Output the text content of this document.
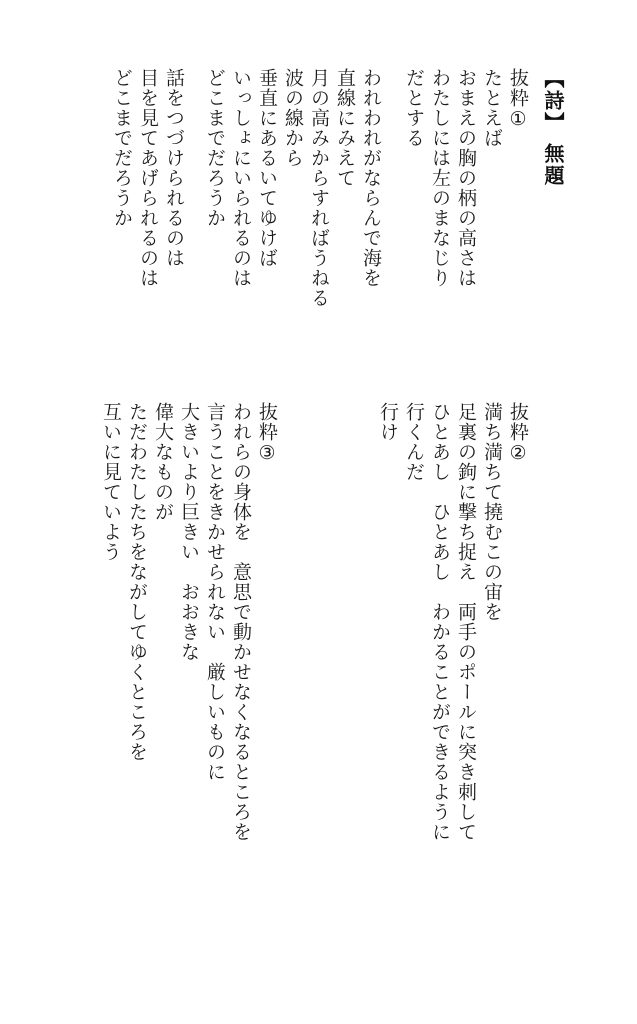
【詩】 無題
抜粋①
たとえば
おまえの胸の柄の高さは
わたしには左のまなじり
だとする
われわれがならんで海を
直線にみえて
月の高みからすればうねる
波の線から
垂直にあるいてゆけば
いっしょにいられるのは
どこまでだろうか
話をつづけられるのは
目を見てあげられるのは
どこまでだろうか
抜粋②
満ち満ちて撓むこの宙を
足裏の鉤に撃ち捉え　両手のポールに突き刺して
ひとあし　ひとあし　わかることができるように
行くんだ
行け
抜粋③
われらの身体を　意思で動かせなくなるところを
言うことをきかせられない　厳しいものに
大きいより巨きい　おおきな
偉大なものが
ただわたしたちをながしてゆくところを
互いに見ていよう
